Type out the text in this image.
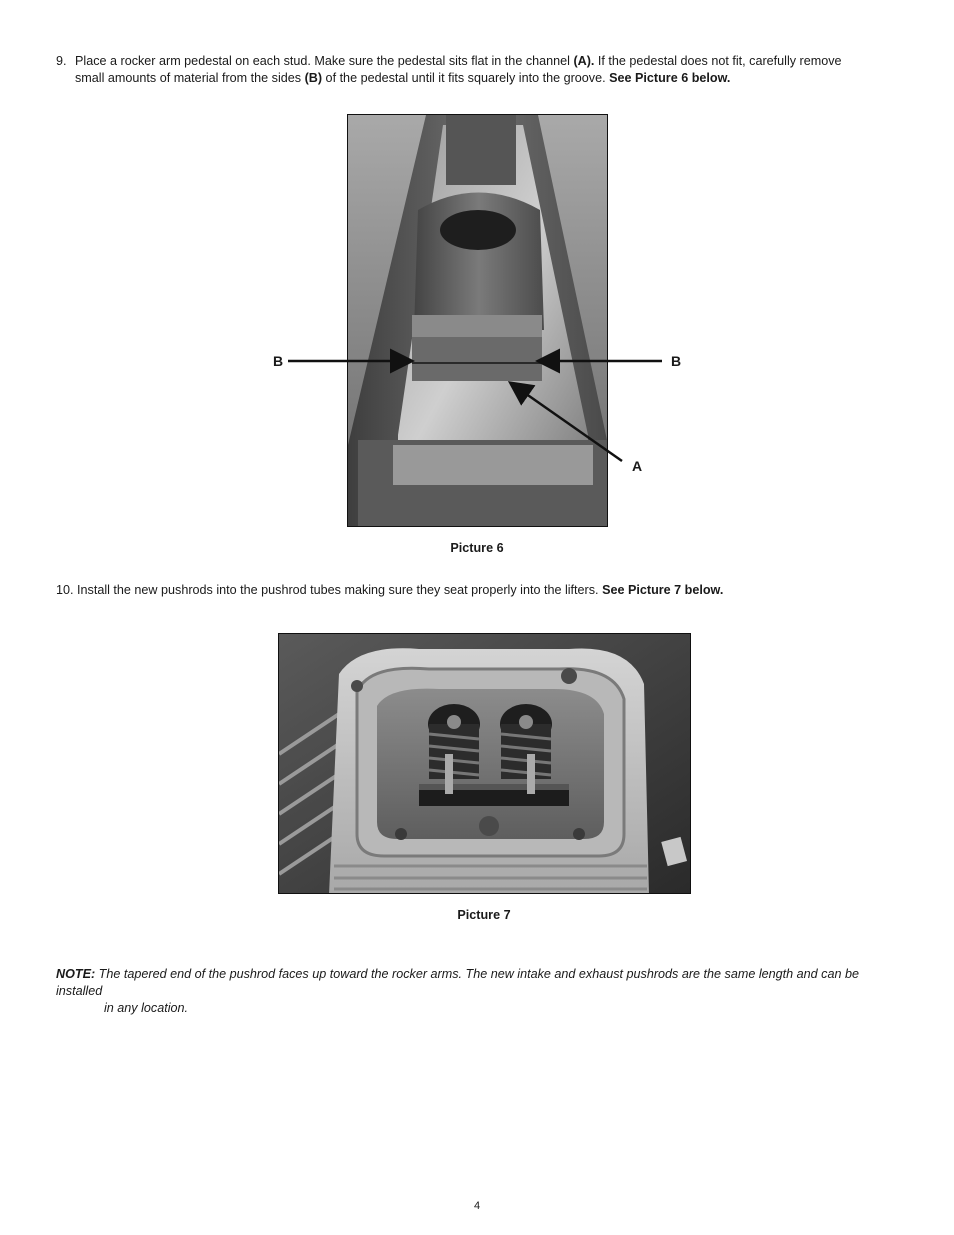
9. Place a rocker arm pedestal on each stud. Make sure the pedestal sits flat in the channel (A). If the pedestal does not fit, carefully remove
small amounts of material from the sides (B) of the pedestal until it fits squarely into the groove. See Picture 6 below.
B	B
A
Picture 6
10. Install the new pushrods into the pushrod tubes making sure they seat properly into the lifters. See Picture 7 below.
Picture 7
NOTE: The tapered end of the pushrod faces up toward the rocker arms. The new intake and exhaust pushrods are the same length and can be installed
in any location.
4
